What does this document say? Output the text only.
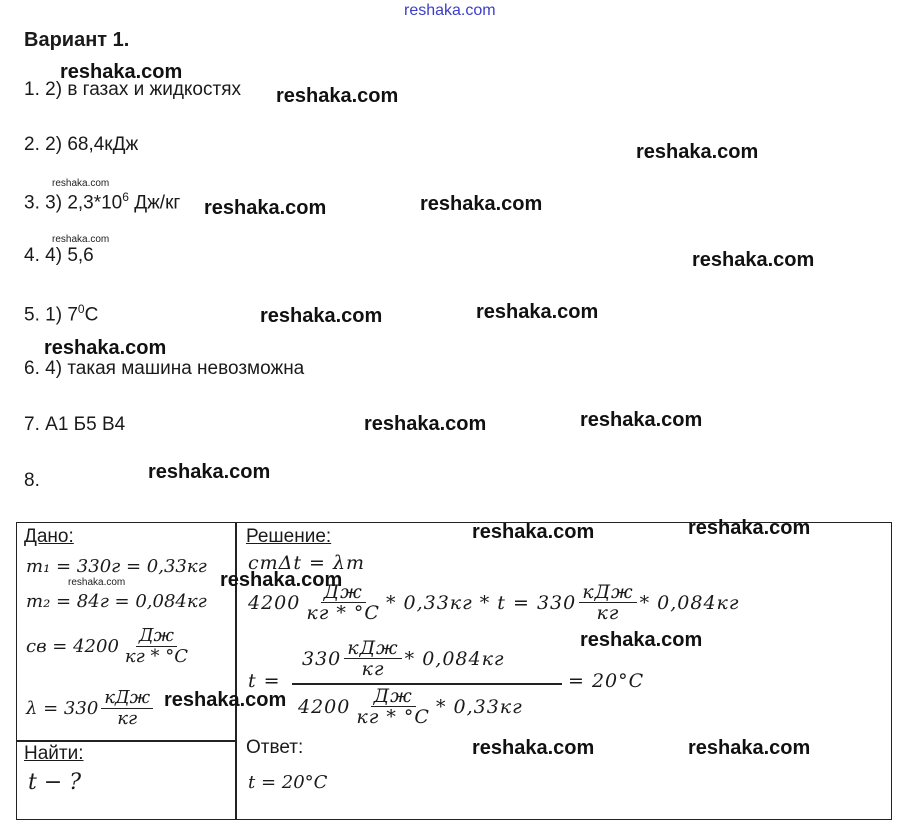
reshaka.com
Вариант 1.
1. 2) в газах и жидкостях
2. 2) 68,4кДж
3. 3) $2,3*10^6$ Дж/кг
4. 4) 5,6
5. 1) $7^0С$
6. 4) такая машина невозможна
7. А1 Б5 В4
8.
Дано:
m₁ = 330г = 0,33кг
m₂ = 84г = 0,084кг
cв = $4200 \frac{Дж}{кг * ^\circ С}$
$\lambda = 330 \frac{\text{кДж}}{кг}$
Найти:
t − ?
Решение:
cmΔt = λm
$4200 \frac{Дж}{кг * ^\circ С} * 0,33кг * t = 330 \frac{\text{кДж}}{кг} * 0,084кг$
t =
$330 \frac{\text{кДж}}{кг} * 0,084кг$
$4200 \frac{Дж}{кг * ^\circ С} * 0,33кг$
= 20°C
Ответ:
t = 20°C
reshaka.com
reshaka.com
reshaka.com
reshaka.com
reshaka.com	reshaka.com
reshaka.com
reshaka.com
reshaka.com	reshaka.com
reshaka.com
reshaka.com	reshaka.com
reshaka.com
reshaka.com	reshaka.com
reshaka.com	reshaka.com
reshaka.com
reshaka.com
reshaka.com	reshaka.com
